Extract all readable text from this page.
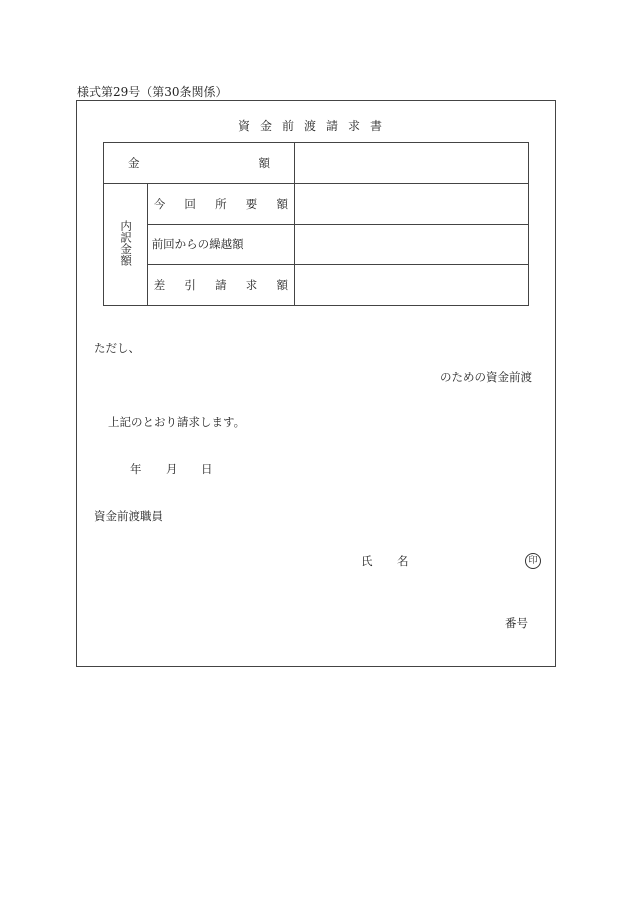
様式第29号（第30条関係）
資金前渡請求書
金額		
内訳金額	今回所要額	
	前回からの繰越額	
	差引請求額	
ただし、
のための資金前渡
上記のとおり請求します。
年 月 日
資金前渡職員
氏 名	印
番号
